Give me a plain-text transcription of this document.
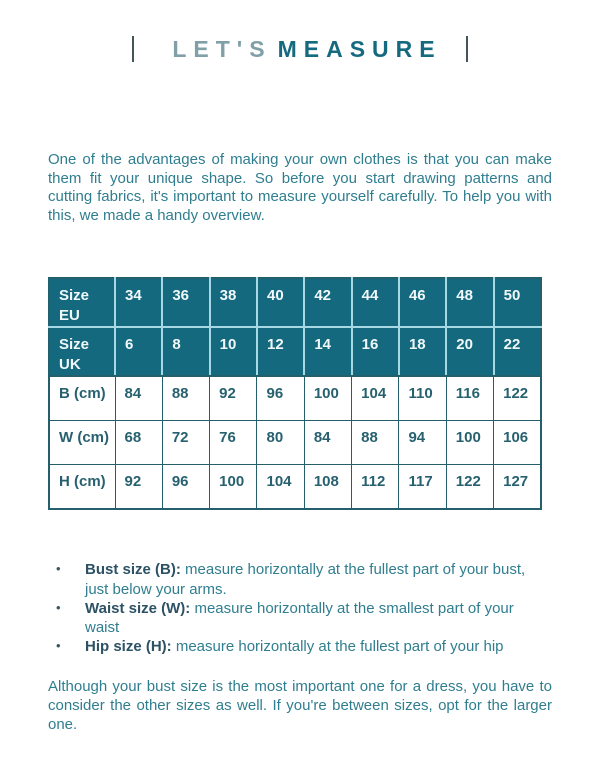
LET'S MEASURE

One of the advantages of making your own clothes is that you can make them fit your unique shape. So before you start drawing patterns and cutting fabrics, it's important to measure yourself carefully. To help you with this, we made a handy overview.

Size EU	34	36	38	40	42	44	46	48	50
Size UK	6	8	10	12	14	16	18	20	22
B (cm)	84	88	92	96	100	104	110	116	122
W (cm)	68	72	76	80	84	88	94	100	106
H (cm)	92	96	100	104	108	112	117	122	127
• Bust size (B): measure horizontally at the fullest part of your bust, just below your arms.
• Waist size (W): measure horizontally at the smallest part of your waist
• Hip size (H): measure horizontally at the fullest part of your hip

Although your bust size is the most important one for a dress, you have to consider the other sizes as well. If you're between sizes, opt for the larger one.
